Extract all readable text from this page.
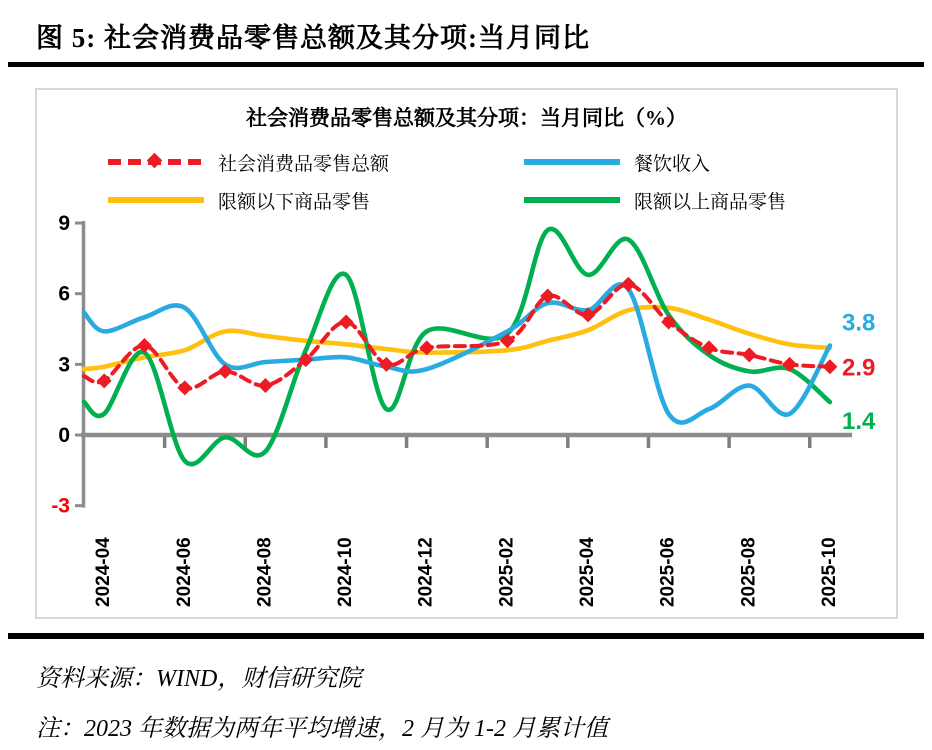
图 5: 社会消费品零售总额及其分项:当月同比
社会消费品零售总额及其分项：当月同比（%）
社会消费品零售总额	餐饮收入
限额以下商品零售	限额以上商品零售
9
6
3
0
-3
2024-04	2024-06	2024-08	2024-10	2024-12	2025-02	2025-04	2025-06	2025-08	2025-10
1.4
3.8
2.9
资料来源：WIND，财信研究院
注：2023 年数据为两年平均增速，2 月为 1-2 月累计值
